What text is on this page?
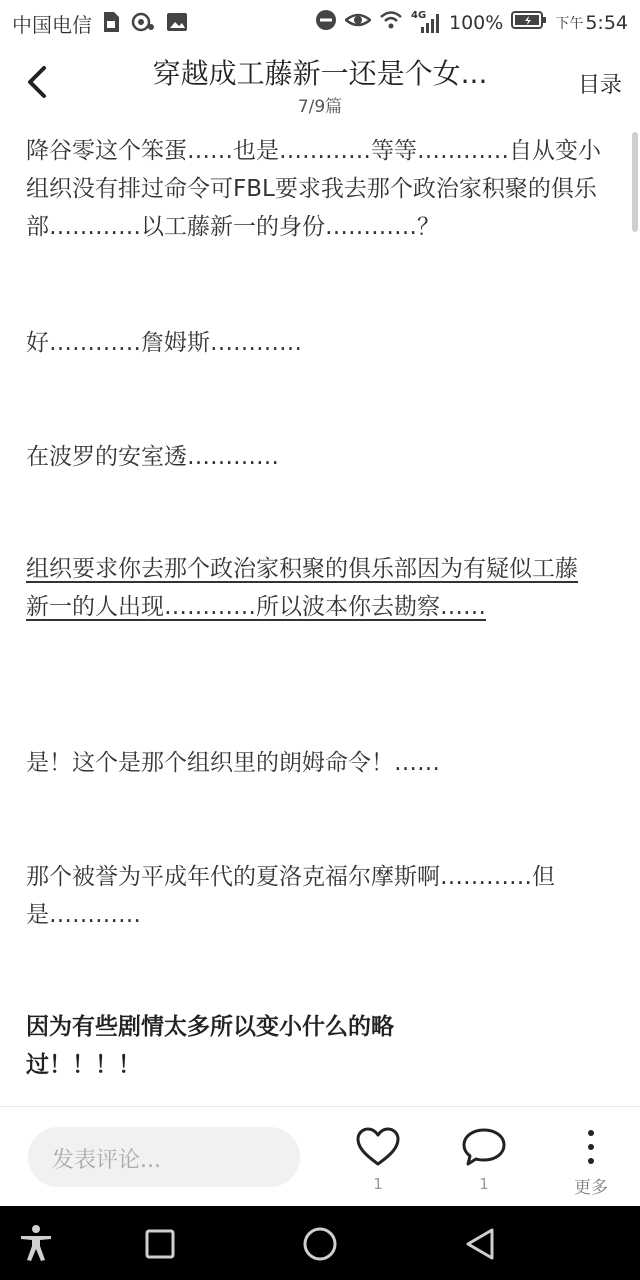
中国电信	4G 100%	下午 5:54
穿越成工藤新一还是个女...
7/9篇
目录

降谷零这个笨蛋……也是…………等等…………自从变小组织没有排过命令可FBL要求我去那个政治家积聚的俱乐部…………以工藤新一的身份…………？

好…………詹姆斯…………

在波罗的安室透…………

组织要求你去那个政治家积聚的俱乐部因为有疑似工藤新一的人出现…………所以波本你去勘察……

是！这个是那个组织里的朗姆命令！……

那个被誉为平成年代的夏洛克福尔摩斯啊…………但是…………

因为有些剧情太多所以变小什么的略过！！！！

发表评论...
1	1	更多
